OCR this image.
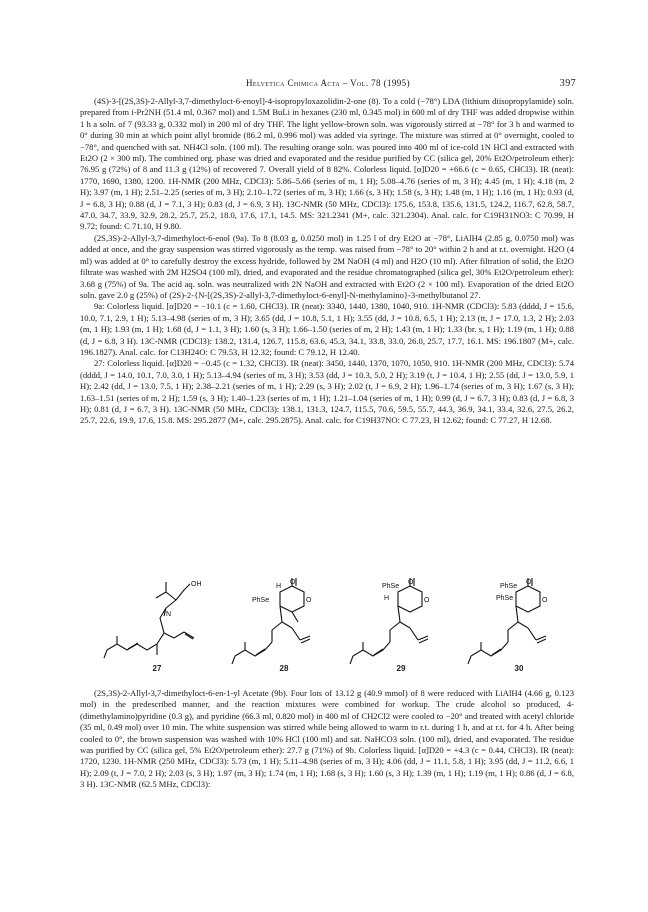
Helvetica Chimica Acta – Vol. 78 (1995)	397

(4S)-3-[(2S,3S)-2-Allyl-3,7-dimethyloct-6-enoyl]-4-isopropyloxazolidin-2-one (8). To a cold (−78°) LDA (lithium diisopropylamide) soln. prepared from i-Pr2NH (51.4 ml, 0.367 mol) and 1.5M BuLi in hexanes (230 ml, 0.345 mol) in 600 ml of dry THF was added dropwise within 1 h a soln. of 7 (93.33 g, 0.332 mol) in 200 ml of dry THF. The light yellow-brown soln. was vigorously stirred at −78° for 3 h and warmed to 0° during 30 min at which point allyl bromide (86.2 ml, 0.996 mol) was added via syringe. The mixture was stirred at 0° overnight, cooled to −78°, and quenched with sat. NH4Cl soln. (100 ml). The resulting orange soln. was poured into 400 ml of ice-cold 1N HCl and extracted with Et2O (2 × 300 ml). The combined org. phase was dried and evaporated and the residue purified by CC (silica gel, 20% Et2O/petroleum ether): 76.95 g (72%) of 8 and 11.3 g (12%) of recovered 7. Overall yield of 8 82%. Colorless liquid. [α]D20 = +66.6 (c = 0.65, CHCl3). IR (neat): 1770, 1690, 1380, 1200. 1H-NMR (200 MHz, CDCl3): 5.86–5.66 (series of m, 1 H); 5.08–4.76 (series of m, 3 H); 4.45 (m, 1 H); 4.18 (m, 2 H); 3.97 (m, 1 H); 2.51–2.25 (series of m, 3 H); 2.10–1.72 (series of m, 3 H); 1.66 (s, 3 H); 1.58 (s, 3 H); 1.48 (m, 1 H); 1.16 (m, 1 H); 0.93 (d, J = 6.8, 3 H); 0.88 (d, J = 7.1, 3 H); 0.83 (d, J = 6.9, 3 H). 13C-NMR (50 MHz, CDCl3): 175.6, 153.8, 135.6, 131.5, 124.2, 116.7, 62.8, 58.7, 47.0, 34.7, 33.9, 32.9, 28.2, 25.7, 25.2, 18.0, 17.6, 17.1, 14.5. MS: 321.2341 (M+, calc. 321.2304). Anal. calc. for C19H31NO3: C 70.99, H 9.72; found: C 71.10, H 9.80.

(2S,3S)-2-Allyl-3,7-dimethyloct-6-enol (9a). To 8 (8.03 g, 0.0250 mol) in 1.25 l of dry Et2O at −78°, LiAlH4 (2.85 g, 0.0750 mol) was added at once, and the gray suspension was stirred vigorously as the temp. was raised from −78° to 20° within 2 h and at r.t. overnight. H2O (4 ml) was added at 0° to carefully destroy the excess hydride, followed by 2M NaOH (4 ml) and H2O (10 ml). After filtration of solid, the Et2O filtrate was washed with 2M H2SO4 (100 ml), dried, and evaporated and the residue chromatographed (silica gel, 30% Et2O/petroleum ether): 3.68 g (75%) of 9a. The acid aq. soln. was neutralized with 2N NaOH and extracted with Et2O (2 × 100 ml). Evaporation of the dried Et2O soln. gave 2.0 g (25%) of (2S)-2-{N-[(2S,3S)-2-allyl-3,7-dimethyloct-6-enyl]-N-methylamino}-3-methylbutanol 27.

9a: Colorless liquid. [α]D20 = −10.1 (c = 1.60, CHCl3). IR (neat): 3340, 1440, 1380, 1040, 910. 1H-NMR (CDCl3): 5.83 (dddd, J = 15.6, 10.0, 7.1, 2.9, 1 H); 5.13–4.98 (series of m, 3 H); 3.65 (dd, J = 10.8, 5.1, 1 H); 3.55 (dd, J = 10.8, 6.5, 1 H); 2.13 (tt, J = 17.0, 1.3, 2 H); 2.03 (m, 1 H); 1.93 (m, 1 H); 1.68 (d, J = 1.1, 3 H); 1.60 (s, 3 H); 1.66–1.50 (series of m, 2 H); 1.43 (m, 1 H); 1.33 (br. s, 1 H); 1.19 (m, 1 H); 0.88 (d, J = 6.8, 3 H). 13C-NMR (CDCl3): 138.2, 131.4, 126.7, 115.8, 63.6, 45.3, 34.1, 33.8, 33.0, 26.0, 25.7, 17.7, 16.1. MS: 196.1807 (M+, calc. 196.1827). Anal. calc. for C13H24O: C 79.53, H 12.32; found: C 79.12, H 12.40.

27: Colorless liquid. [α]D20 = −0.45 (c = 1.32, CHCl3). IR (neat): 3450, 1440, 1370, 1070, 1050, 910. 1H-NMR (200 MHz, CDCl3): 5.74 (dddd, J = 14.0, 10.1, 7.0, 3.0, 1 H); 5.13–4.94 (series of m, 3 H); 3.53 (dd, J = 10.3, 5.0, 2 H); 3.19 (t, J = 10.4, 1 H); 2.55 (dd, J = 13.0, 5.9, 1 H); 2.42 (dd, J = 13.0, 7.5, 1 H); 2.38–2.21 (series of m, 1 H); 2.29 (s, 3 H); 2.02 (t, J = 6.9, 2 H); 1.96–1.74 (series of m, 3 H); 1.67 (s, 3 H); 1.63–1.51 (series of m, 2 H); 1.59 (s, 3 H); 1.40–1.23 (series of m, 1 H); 1.21–1.04 (series of m, 1 H); 0.99 (d, J = 6.7, 3 H); 0.83 (d, J = 6.8, 3 H); 0.81 (d, J = 6.7, 3 H). 13C-NMR (50 MHz, CDCl3): 138.1, 131.3, 124.7, 115.5, 70.6, 59.5, 55.7, 44.3, 36.9, 34.1, 33.4, 32.6, 27.5, 26.2, 25.7, 22.6, 19.9, 17.6, 15.8. MS: 295.2877 (M+, calc. 295.2875). Anal. calc. for C19H37NO: C 77.23, H 12.62; found: C 77.27, H 12.68.

OH
N
27
H
PhSe	O
O
28
PhSe
H	O
O
29
PhSe
PhSe	O
O
30

(2S,3S)-2-Allyl-3,7-dimethyloct-6-en-1-yl Acetate (9b). Four lots of 13.12 g (40.9 mmol) of 8 were reduced with LiAlH4 (4.66 g, 0.123 mol) in the predescribed manner, and the reaction mixtures were combined for workup. The crude alcohol so produced, 4-(dimethylamino)pyridine (0.3 g), and pyridine (66.3 ml, 0.820 mol) in 400 ml of CH2Cl2 were cooled to −20° and treated with acetyl chloride (35 ml, 0.49 mol) over 10 min. The white suspension was stirred while being allowed to warm to r.t. during 1 h, and at r.t. for 4 h. After being cooled to 0°, the brown suspension was washed with 10% HCl (100 ml) and sat. NaHCO3 soln. (100 ml), dried, and evaporated. The residue was purified by CC (silica gel, 5% Et2O/petroleum ether): 27.7 g (71%) of 9b. Colorless liquid. [α]D20 = +4.3 (c = 0.44, CHCl3). IR (neat): 1720, 1230. 1H-NMR (250 MHz, CDCl3): 5.73 (m, 1 H); 5.11–4.98 (series of m, 3 H); 4.06 (dd, J = 11.1, 5.8, 1 H); 3.95 (dd, J = 11.2, 6.6, 1 H); 2.09 (t, J = 7.0, 2 H); 2.03 (s, 3 H); 1.97 (m, 3 H); 1.74 (m, 1 H); 1.68 (s, 3 H); 1.60 (s, 3 H); 1.39 (m, 1 H); 1.19 (m, 1 H); 0.86 (d, J = 6.8, 3 H). 13C-NMR (62.5 MHz, CDCl3):
